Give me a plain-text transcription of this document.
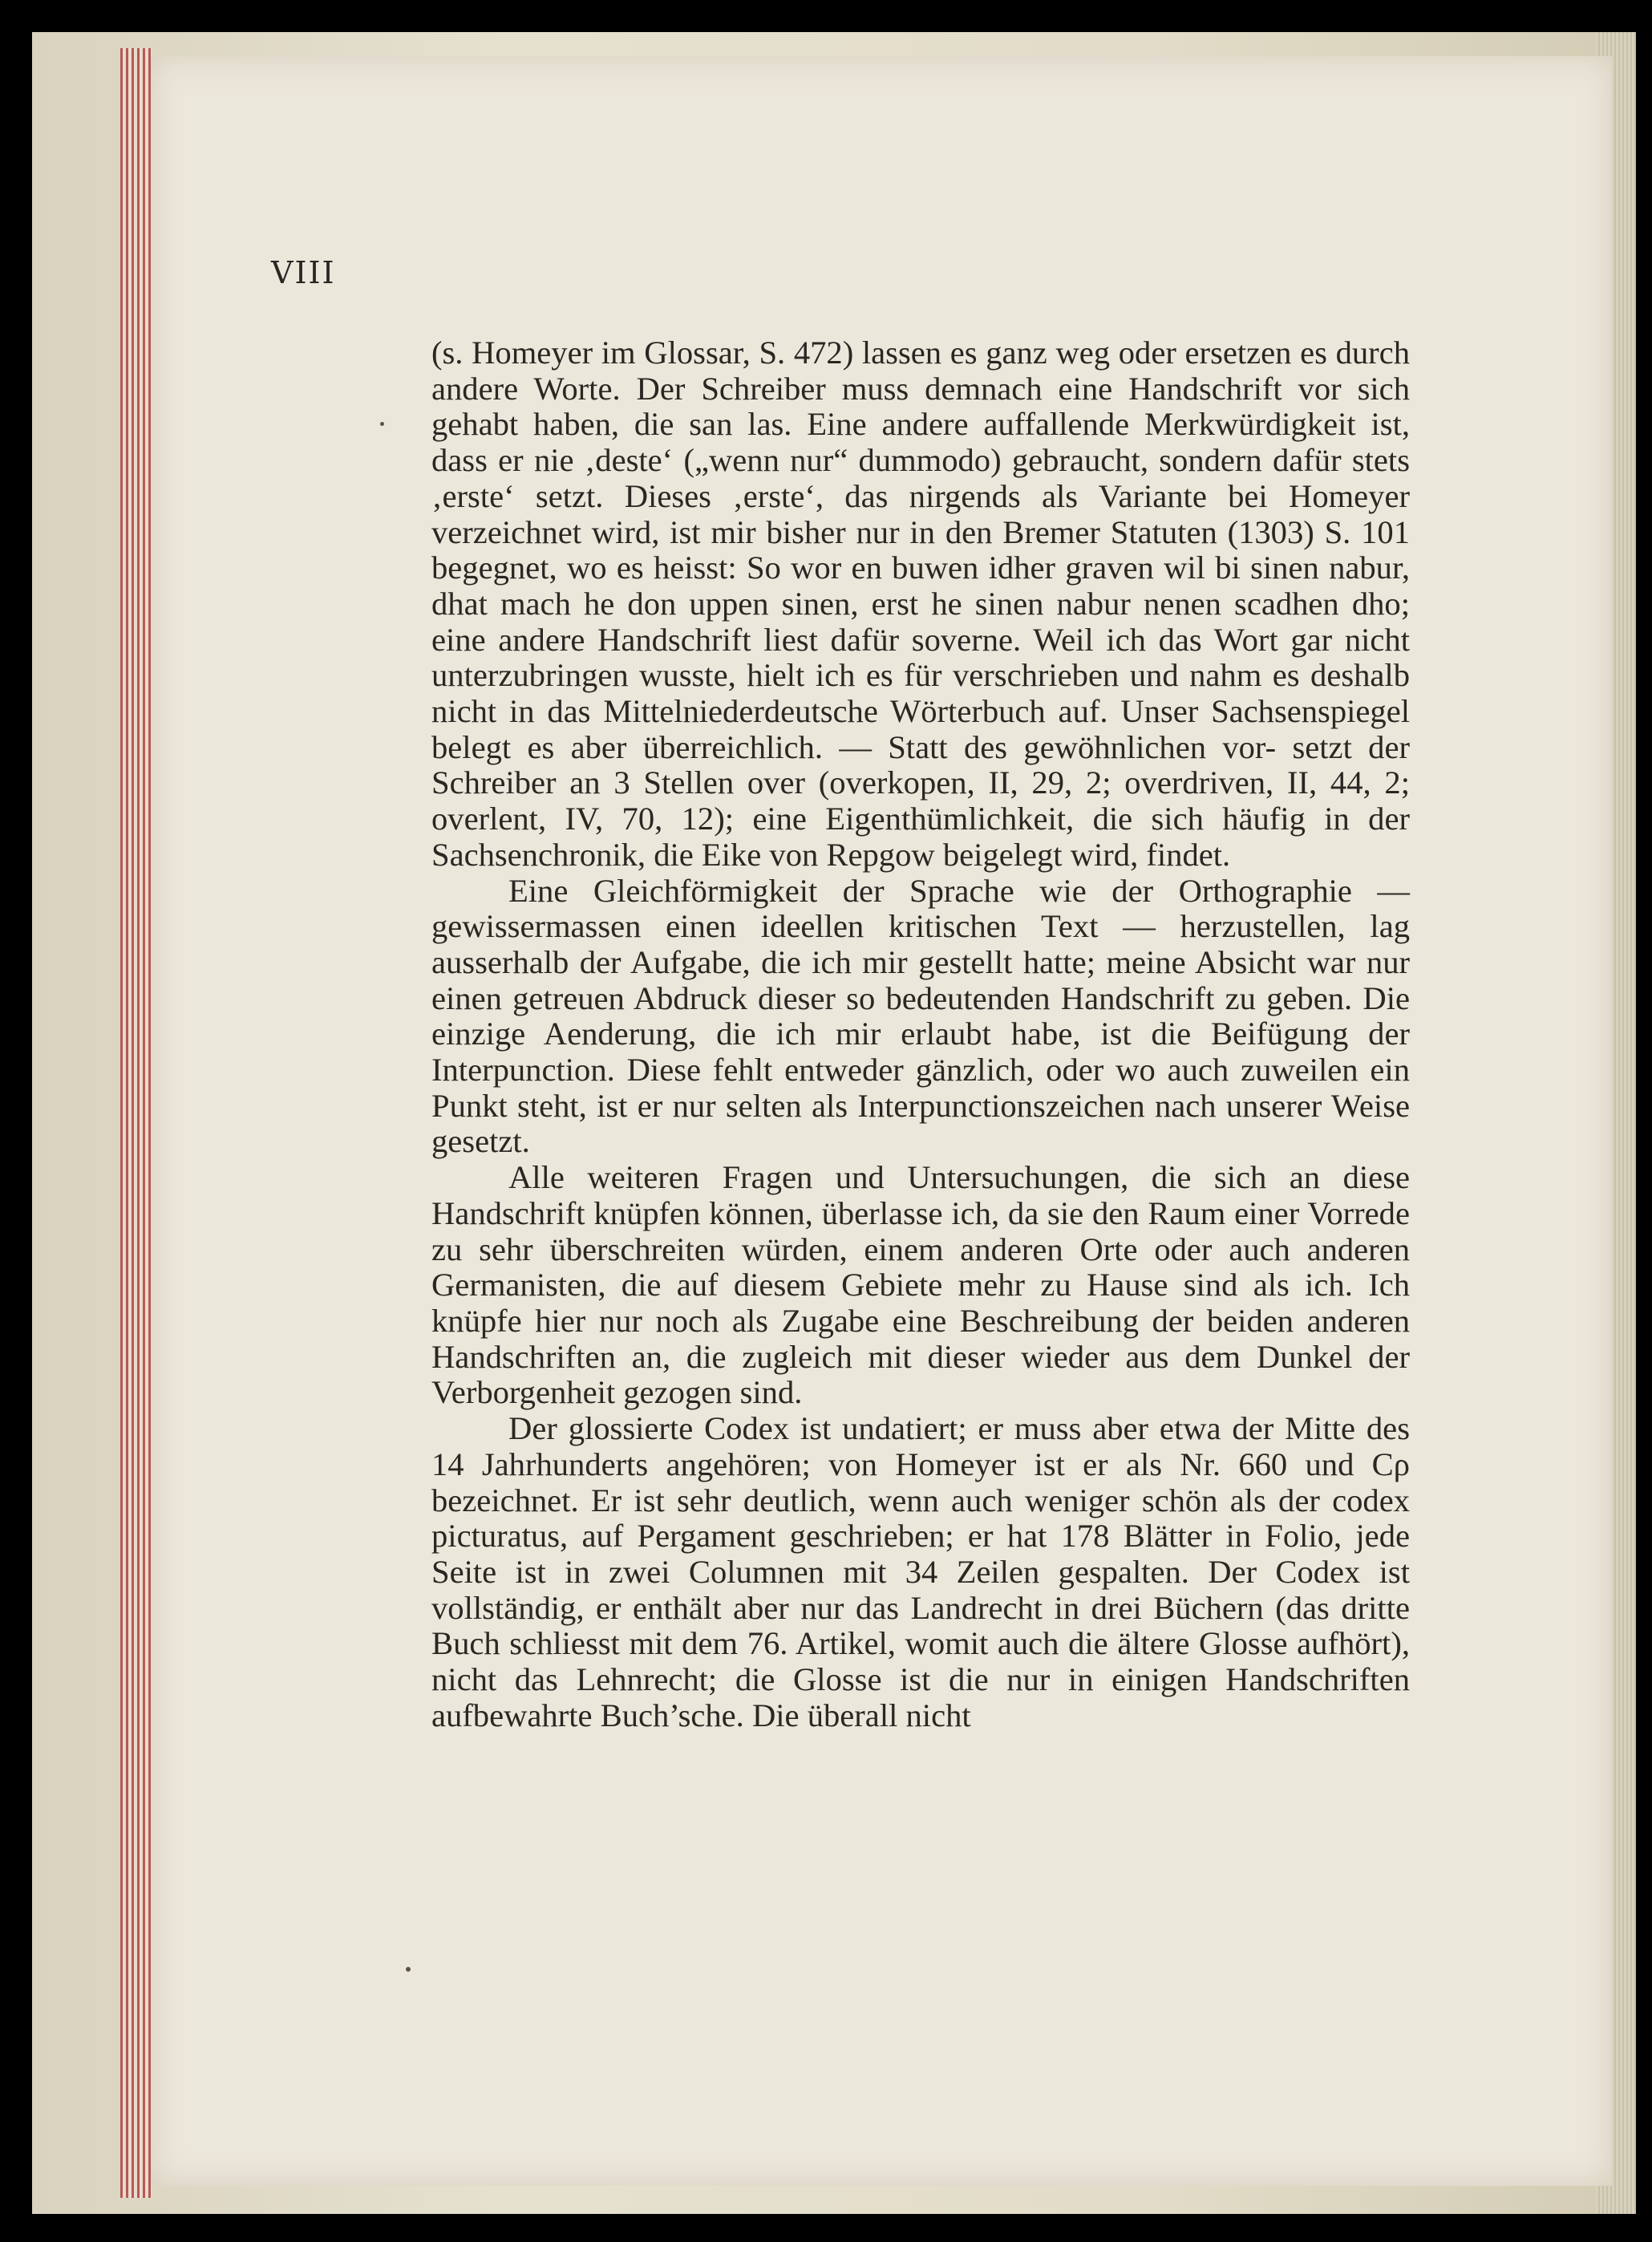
VIII

(s. Homeyer im Glossar, S. 472) lassen es ganz weg oder ersetzen es durch andere Worte. Der Schreiber muss demnach eine Handschrift vor sich gehabt haben, die san las. Eine andere auffallende Merkwürdigkeit ist, dass er nie ‚deste‘ („wenn nur“ dummodo) gebraucht, sondern dafür stets ‚erste‘ setzt. Dieses ‚erste‘, das nirgends als Variante bei Homeyer verzeichnet wird, ist mir bisher nur in den Bremer Statuten (1303) S. 101 begegnet, wo es heisst: So wor en buwen idher graven wil bi sinen nabur, dhat mach he don uppen sinen, erst he sinen nabur nenen scadhen dho; eine andere Handschrift liest dafür soverne. Weil ich das Wort gar nicht unterzubringen wusste, hielt ich es für verschrieben und nahm es deshalb nicht in das Mittelniederdeutsche Wörterbuch auf. Unser Sachsenspiegel belegt es aber überreichlich. — Statt des gewöhnlichen vor- setzt der Schreiber an 3 Stellen over (overkopen, II, 29, 2; overdriven, II, 44, 2; overlent, IV, 70, 12); eine Eigenthümlichkeit, die sich häufig in der Sachsenchronik, die Eike von Repgow beigelegt wird, findet.

Eine Gleichförmigkeit der Sprache wie der Orthographie — gewissermassen einen ideellen kritischen Text — herzustellen, lag ausserhalb der Aufgabe, die ich mir gestellt hatte; meine Absicht war nur einen getreuen Abdruck dieser so bedeutenden Handschrift zu geben. Die einzige Aenderung, die ich mir erlaubt habe, ist die Beifügung der Interpunction. Diese fehlt entweder gänzlich, oder wo auch zuweilen ein Punkt steht, ist er nur selten als Interpunctionszeichen nach unserer Weise gesetzt.

Alle weiteren Fragen und Untersuchungen, die sich an diese Handschrift knüpfen können, überlasse ich, da sie den Raum einer Vorrede zu sehr überschreiten würden, einem anderen Orte oder auch anderen Germanisten, die auf diesem Gebiete mehr zu Hause sind als ich. Ich knüpfe hier nur noch als Zugabe eine Beschreibung der beiden anderen Handschriften an, die zugleich mit dieser wieder aus dem Dunkel der Verborgenheit gezogen sind.

Der glossierte Codex ist undatiert; er muss aber etwa der Mitte des 14 Jahrhunderts angehören; von Homeyer ist er als Nr. 660 und Cρ bezeichnet. Er ist sehr deutlich, wenn auch weniger schön als der codex picturatus, auf Pergament geschrieben; er hat 178 Blätter in Folio, jede Seite ist in zwei Columnen mit 34 Zeilen gespalten. Der Codex ist vollständig, er enthält aber nur das Landrecht in drei Büchern (das dritte Buch schliesst mit dem 76. Artikel, womit auch die ältere Glosse aufhört), nicht das Lehnrecht; die Glosse ist die nur in einigen Handschriften aufbewahrte Buch’sche. Die überall nicht
